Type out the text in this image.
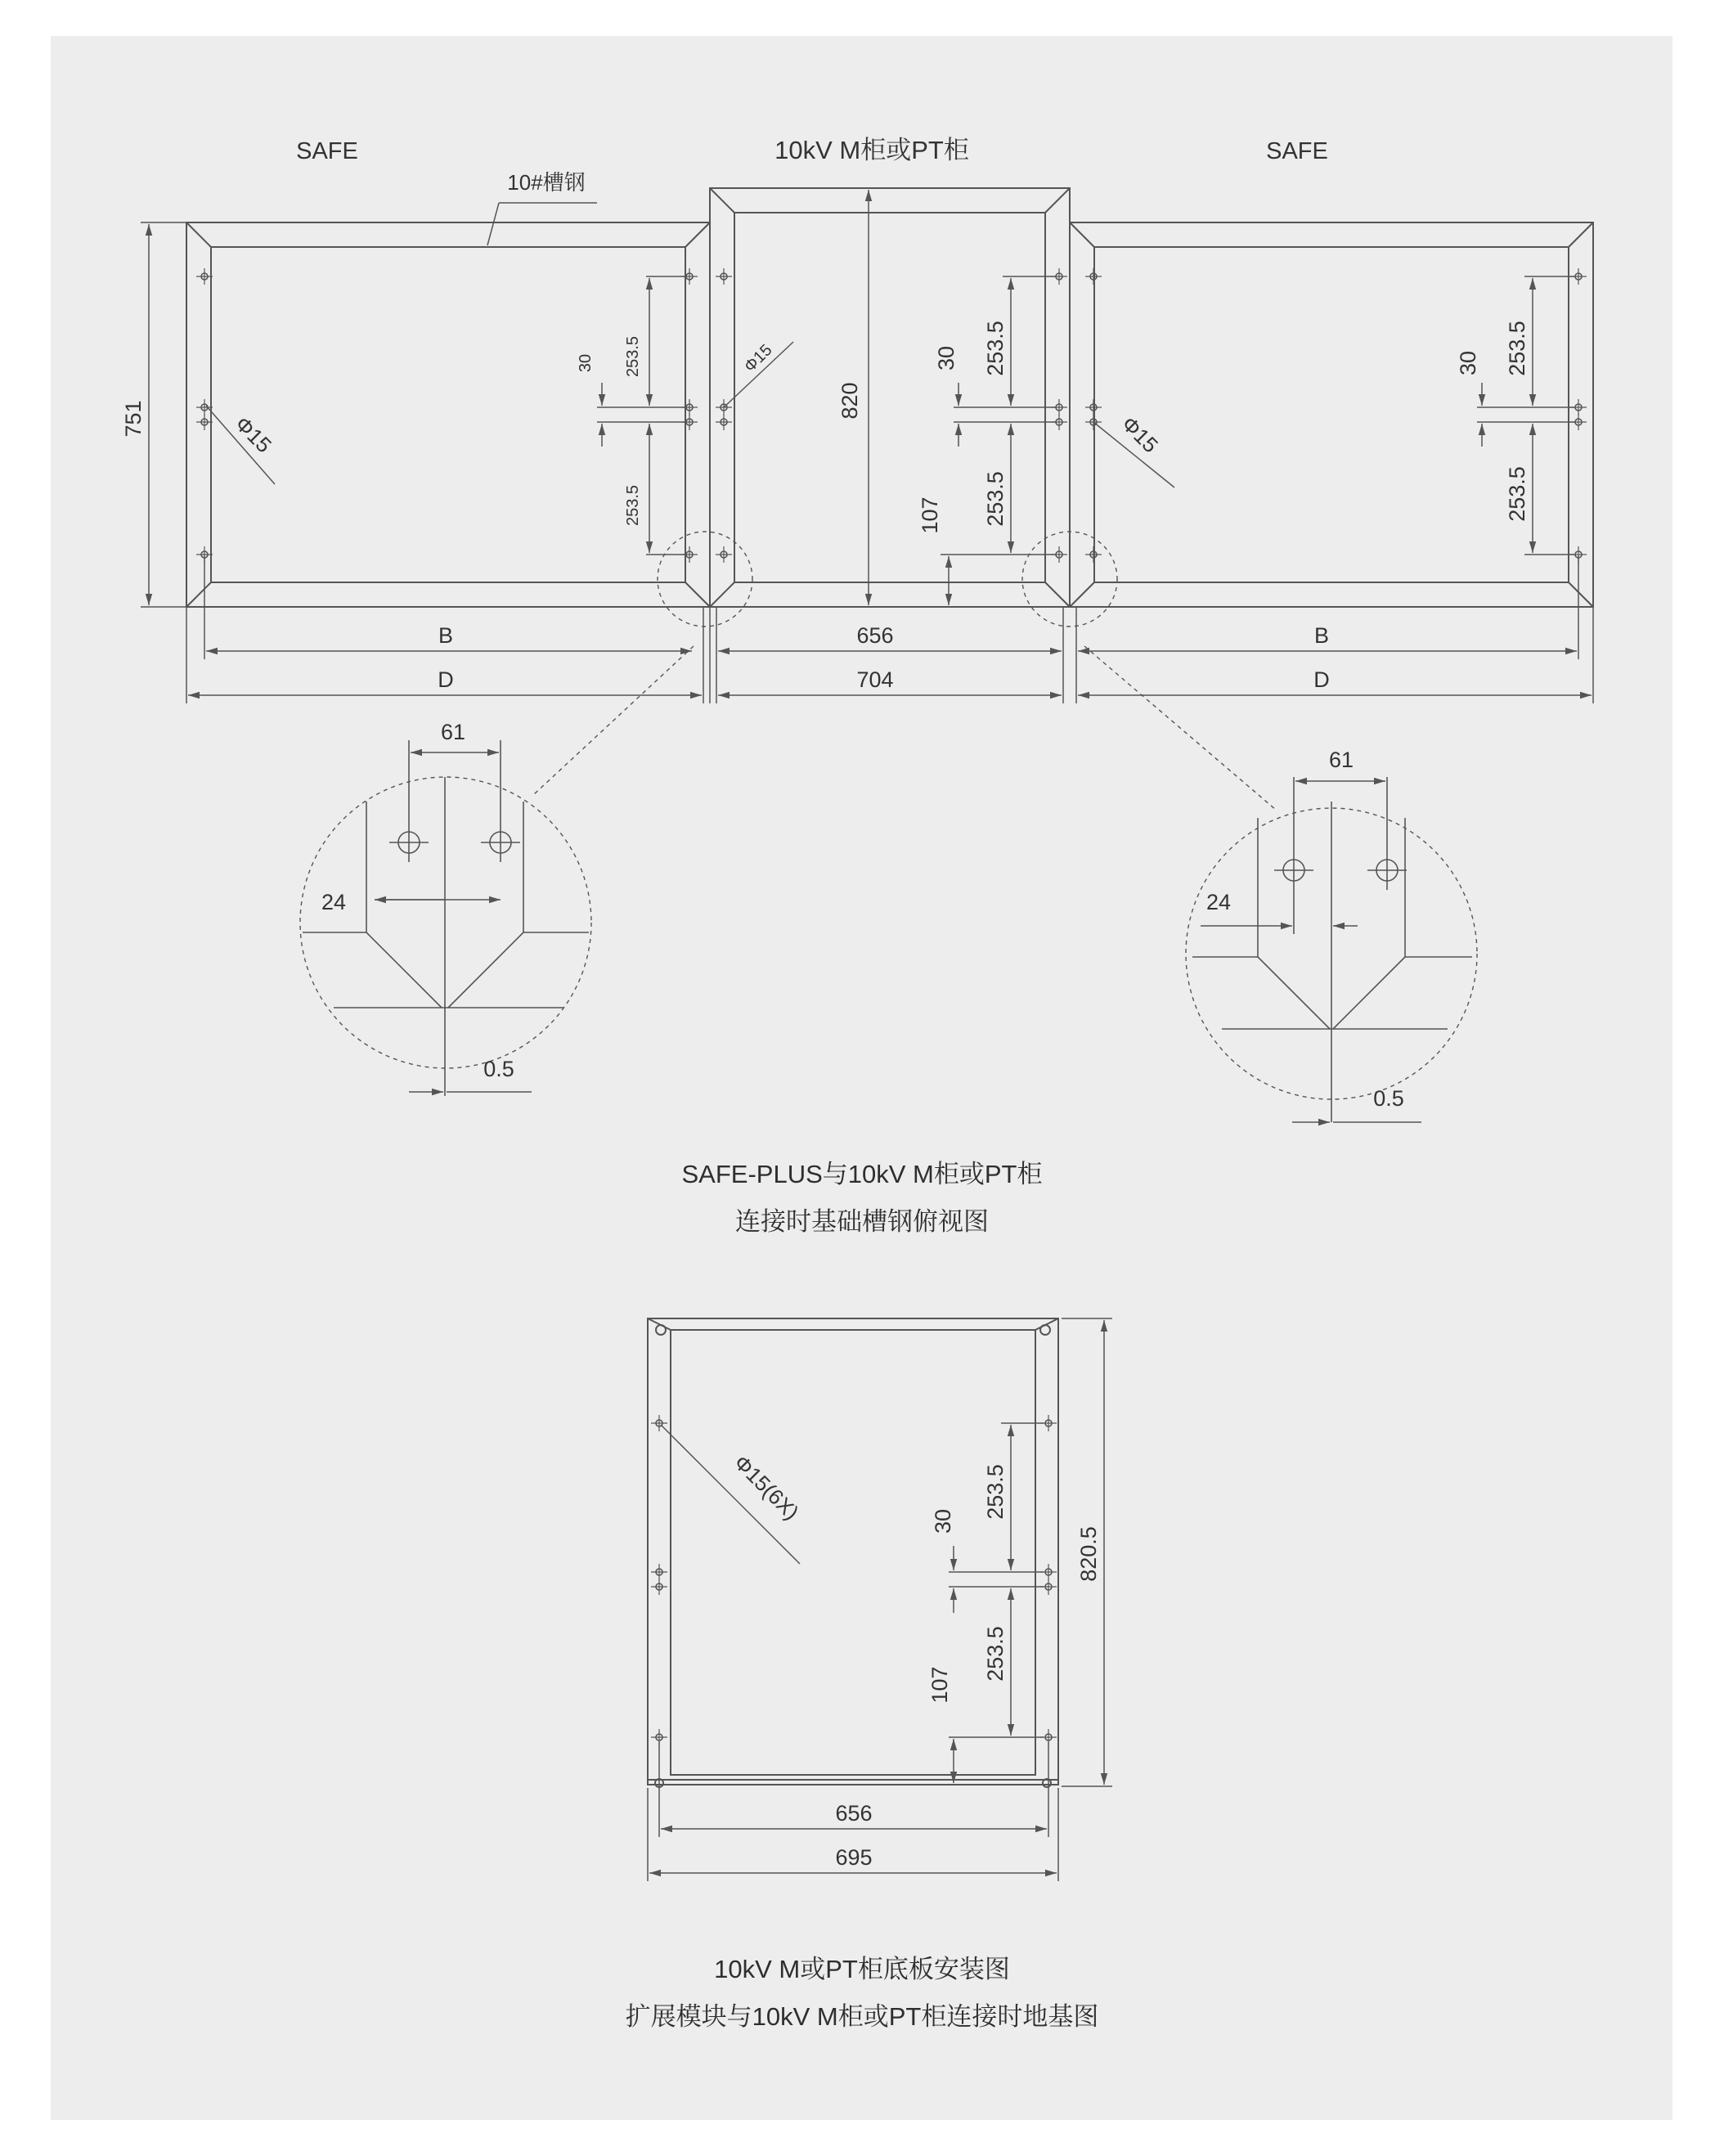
SAFE	10kV M柜或PT柜	SAFE
10#槽钢
751	Φ15
30 253.5
253.5
Φ15
820
30 253.5
253.5
107
Φ15
30 253.5
253.5
B
D
656
704
B
D
61
24
0.5
61
24
0.5
Φ15(6X)	30
253.5
253.5
107
820.5
656
695
SAFE-PLUS与10kV M柜或PT柜
连接时基础槽钢俯视图
10kV M或PT柜底板安装图
扩展模块与10kV M柜或PT柜连接时地基图
